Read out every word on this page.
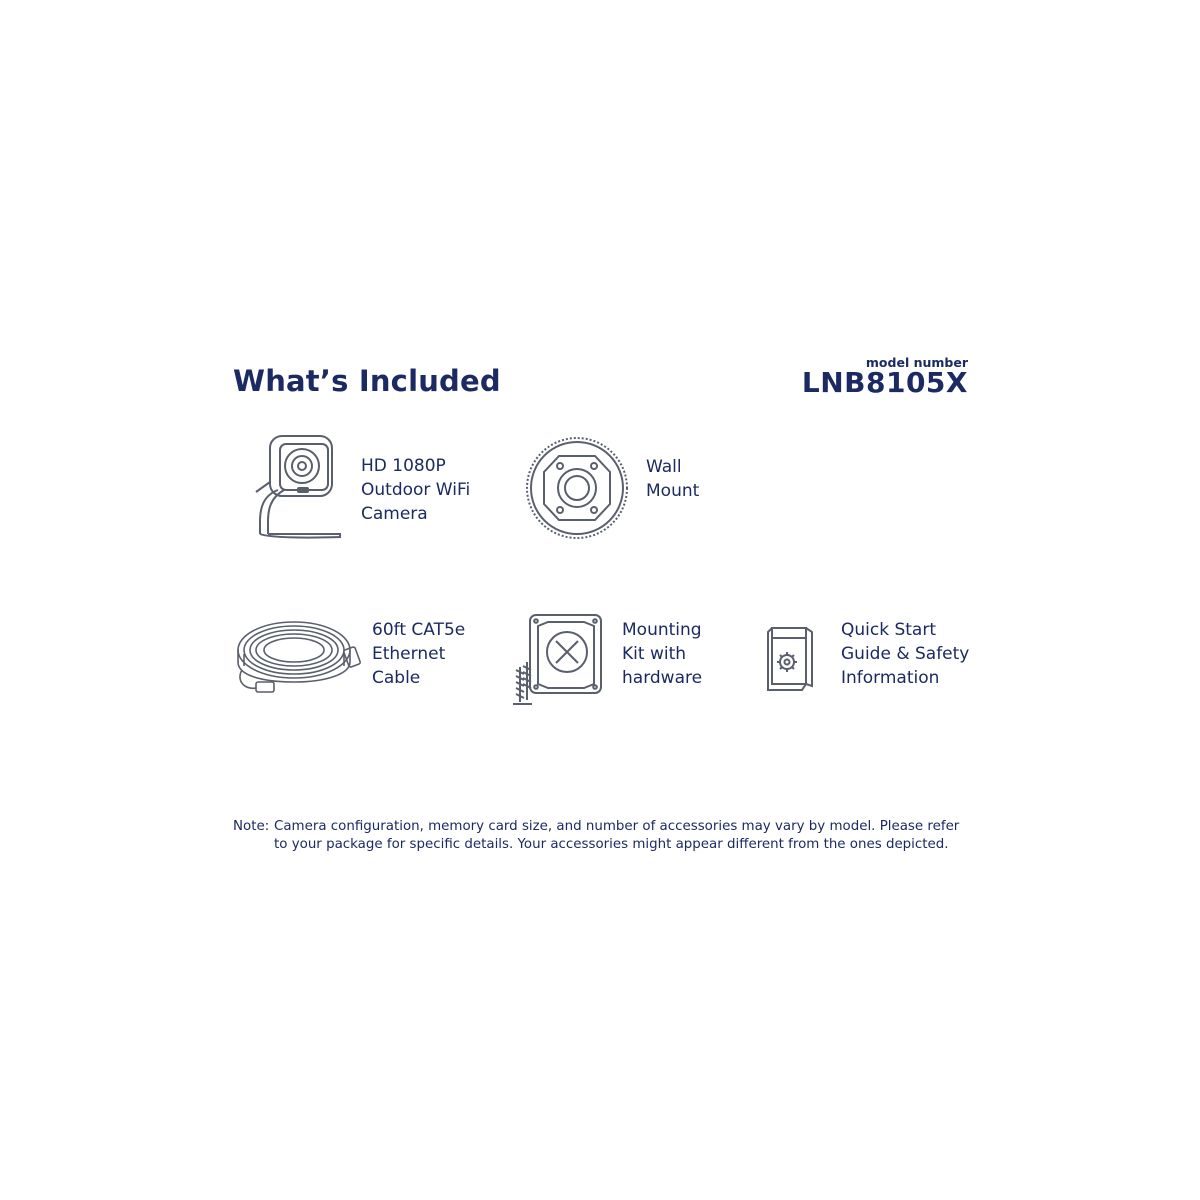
What’s Included
model number
LNB8105X
HD 1080P
Outdoor WiFi
Camera
Wall
Mount
60ft CAT5e
Ethernet
Cable
Mounting
Kit with
hardware
Quick Start
Guide & Safety
Information
Note: Camera configuration, memory card size, and number of accessories may vary by model. Please refer
to your package for specific details. Your accessories might appear different from the ones depicted.
